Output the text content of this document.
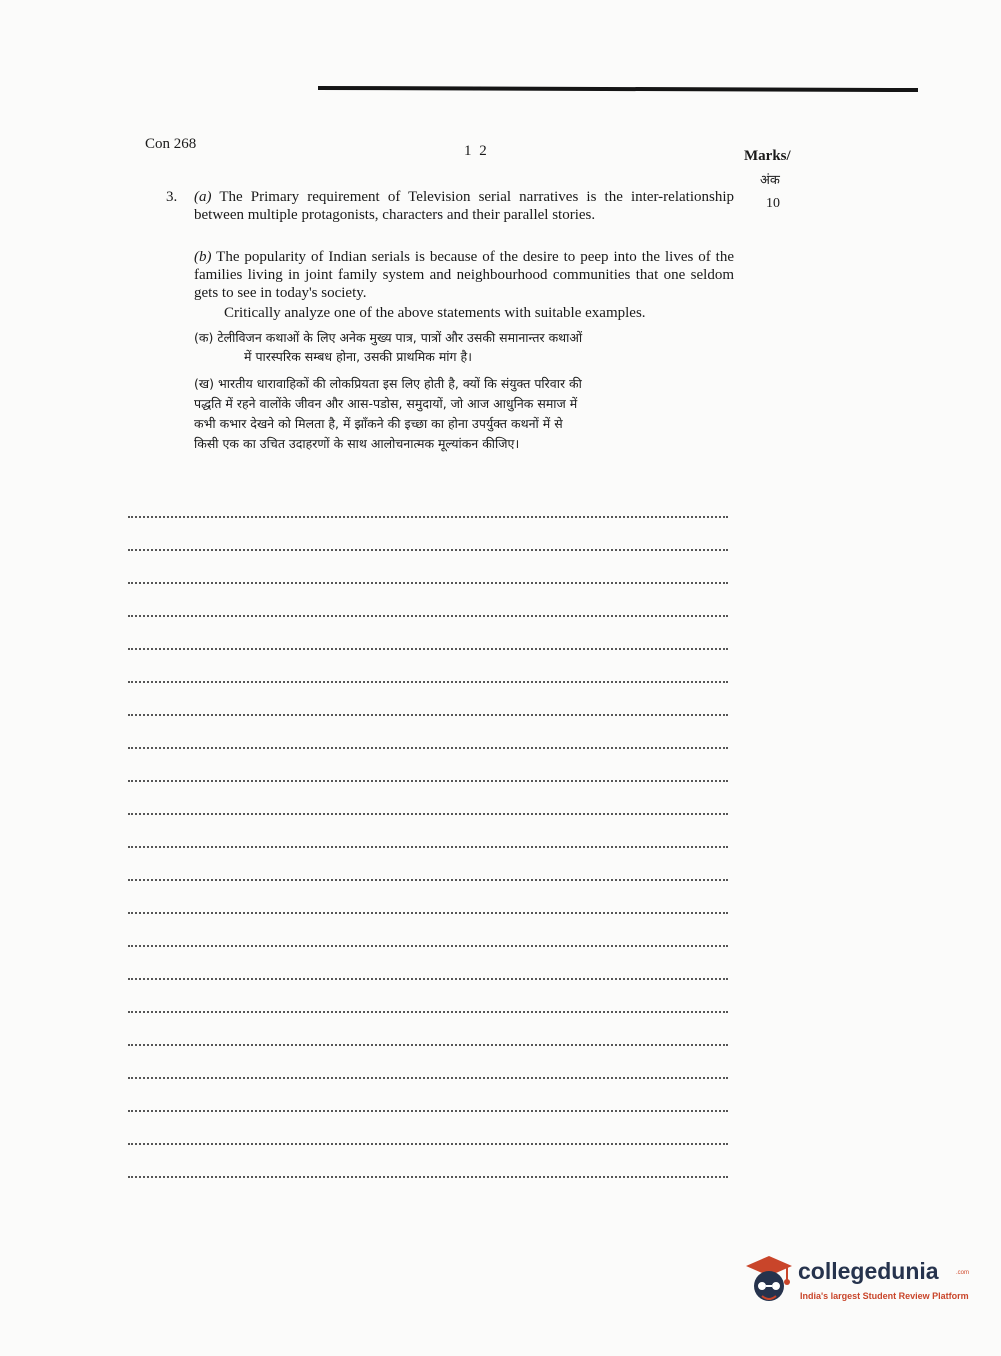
Con 268	1 2	Marks/
अंक
10
3. (a) The Primary requirement of Television serial narratives is the inter-relationship between multiple protagonists, characters and their parallel stories.
(b) The popularity of Indian serials is because of the desire to peep into the lives of the families living in joint family system and neighbourhood communities that one seldom gets to see in today's society.
Critically analyze one of the above statements with suitable examples.
(क) टेलीविजन कथाओं के लिए अनेक मुख्य पात्र, पात्रों और उसकी समानान्तर कथाओं
में पारस्परिक सम्बध होना, उसकी प्राथमिक मांग है।
(ख) भारतीय धारावाहिकों की लोकप्रियता इस लिए होती है, क्यों कि संयुक्त परिवार की
पद्धति में रहने वालोंके जीवन और आस-पडोस, समुदायों, जो आज आधुनिक समाज में
कभी कभार देखने को मिलता है, में झाँकने की इच्छा का होना उपर्युक्त कथनों में से
किसी एक का उचित उदाहरणों के साथ आलोचनात्मक मूल्यांकन कीजिए।
collegedunia	.com
India's largest Student Review Platform
